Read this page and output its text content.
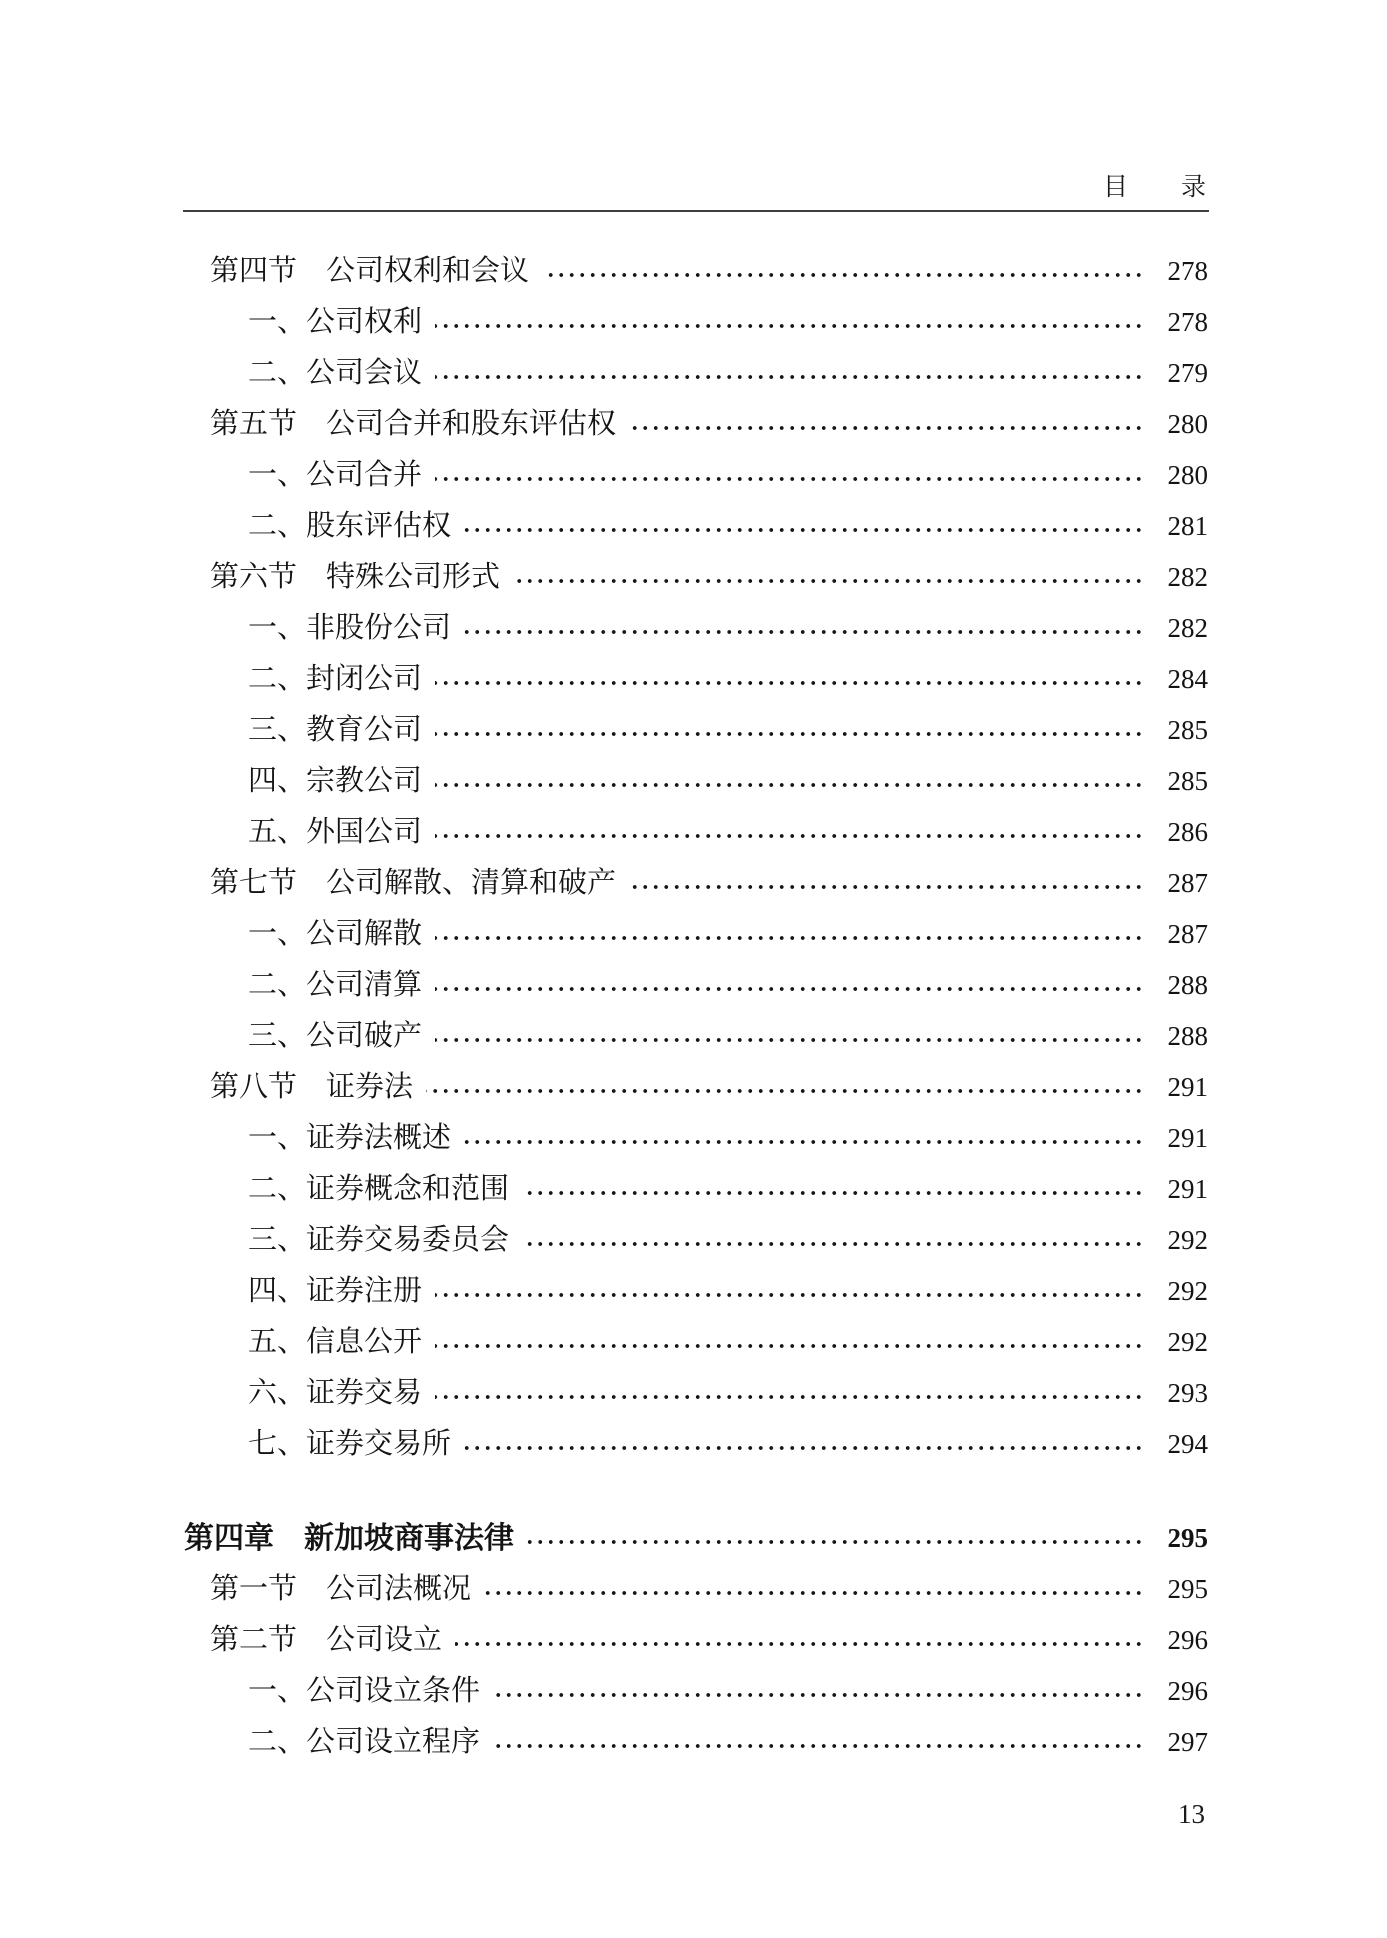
目　　录
第四节　公司权利和会议	278
一、公司权利	278
二、公司会议	279
第五节　公司合并和股东评估权	280
一、公司合并	280
二、股东评估权	281
第六节　特殊公司形式	282
一、非股份公司	282
二、封闭公司	284
三、教育公司	285
四、宗教公司	285
五、外国公司	286
第七节　公司解散、清算和破产	287
一、公司解散	287
二、公司清算	288
三、公司破产	288
第八节　证券法	291
一、证券法概述	291
二、证券概念和范围	291
三、证券交易委员会	292
四、证券注册	292
五、信息公开	292
六、证券交易	293
七、证券交易所	294
第四章　新加坡商事法律	295
第一节　公司法概况	295
第二节　公司设立	296
一、公司设立条件	296
二、公司设立程序	297
13
